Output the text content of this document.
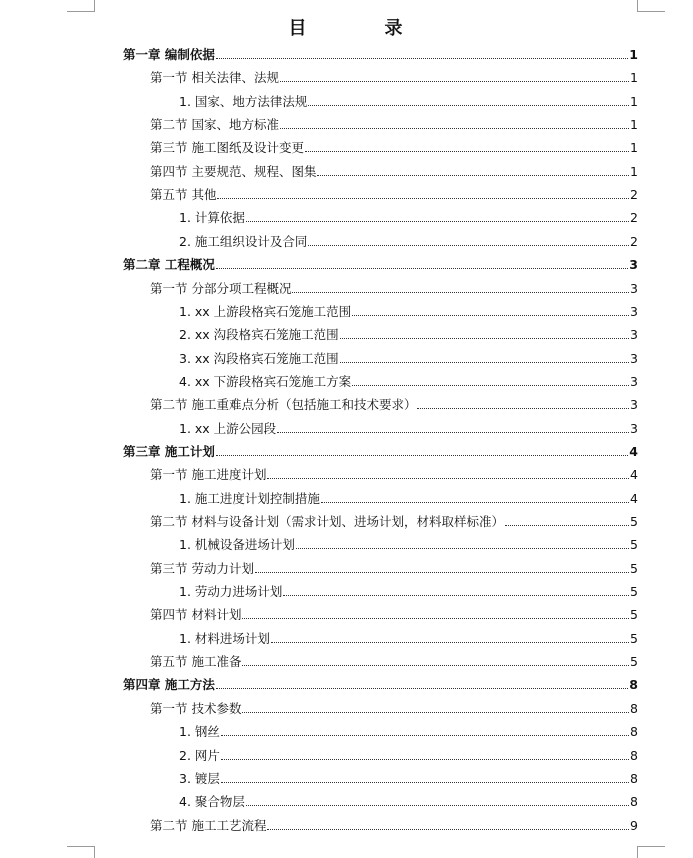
目	录
第一章 编制依据	1
第一节 相关法律、法规	1
1. 国家、地方法律法规	1
第二节 国家、地方标准	1
第三节 施工图纸及设计变更	1
第四节 主要规范、规程、图集	1
第五节 其他	2
1. 计算依据	2
2. 施工组织设计及合同	2
第二章 工程概况	3
第一节 分部分项工程概况	3
1. xx 上游段格宾石笼施工范围	3
2. xx 沟段格宾石笼施工范围	3
3. xx 沟段格宾石笼施工范围	3
4. xx 下游段格宾石笼施工方案	3
第二节 施工重难点分析（包括施工和技术要求）	3
1. xx 上游公园段	3
第三章 施工计划	4
第一节 施工进度计划	4
1. 施工进度计划控制措施	4
第二节 材料与设备计划（需求计划、进场计划，材料取样标准）	5
1. 机械设备进场计划	5
第三节 劳动力计划	5
1. 劳动力进场计划	5
第四节 材料计划	5
1. 材料进场计划	5
第五节 施工准备	5
第四章 施工方法	8
第一节 技术参数	8
1. 钢丝	8
2. 网片	8
3. 镀层	8
4. 聚合物层	8
第二节 施工工艺流程	9
